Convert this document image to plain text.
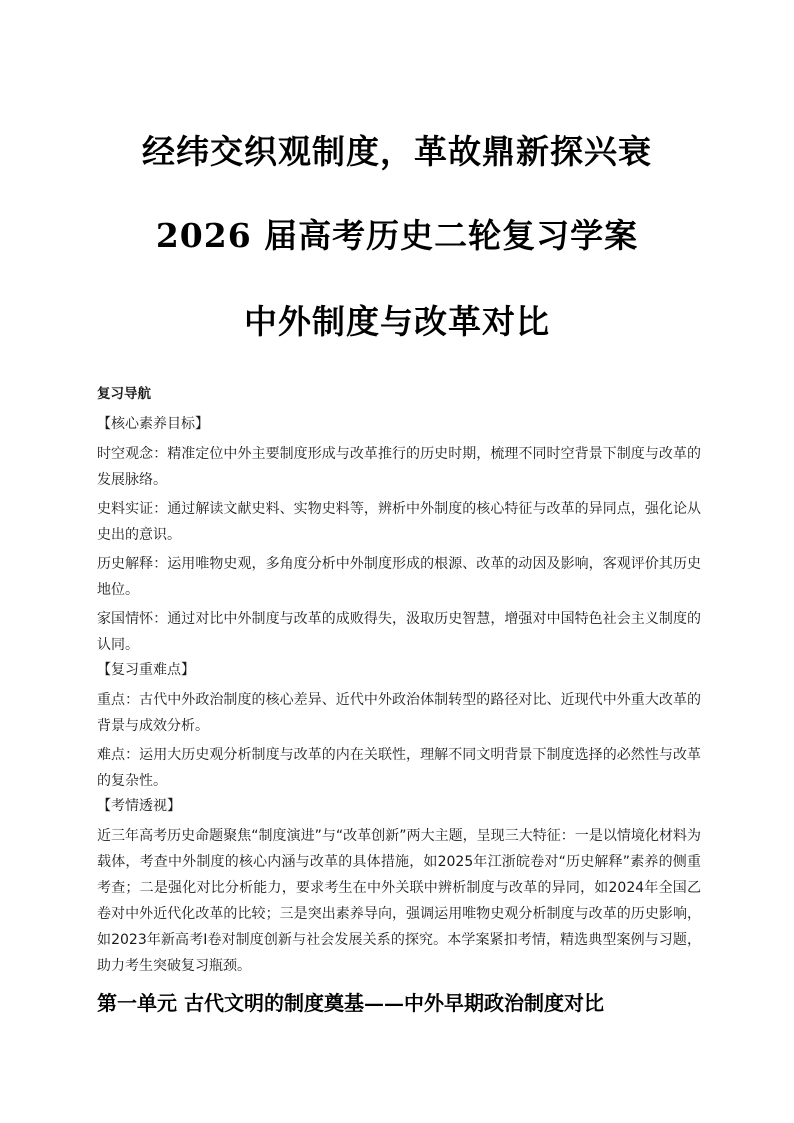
经纬交织观制度，革故鼎新探兴衰
2026 届高考历史二轮复习学案
中外制度与改革对比
复习导航
【核心素养目标】

时空观念：精准定位中外主要制度形成与改革推行的历史时期，梳理不同时空背景下制度与改革的发展脉络。

史料实证：通过解读文献史料、实物史料等，辨析中外制度的核心特征与改革的异同点，强化论从史出的意识。

历史解释：运用唯物史观，多角度分析中外制度形成的根源、改革的动因及影响，客观评价其历史地位。

家国情怀：通过对比中外制度与改革的成败得失，汲取历史智慧，增强对中国特色社会主义制度的认同。

【复习重难点】

重点：古代中外政治制度的核心差异、近代中外政治体制转型的路径对比、近现代中外重大改革的背景与成效分析。

难点：运用大历史观分析制度与改革的内在关联性，理解不同文明背景下制度选择的必然性与改革的复杂性。

【考情透视】

近三年高考历史命题聚焦“制度演进”与“改革创新”两大主题，呈现三大特征：一是以情境化材料为载体，考查中外制度的核心内涵与改革的具体措施，如2025年江浙皖卷对“历史解释”素养的侧重考查；二是强化对比分析能力，要求考生在中外关联中辨析制度与改革的异同，如2024年全国乙卷对中外近代化改革的比较；三是突出素养导向，强调运用唯物史观分析制度与改革的历史影响，如2023年新高考Ⅰ卷对制度创新与社会发展关系的探究。本学案紧扣考情，精选典型案例与习题，助力考生突破复习瓶颈。

第一单元 古代文明的制度奠基——中外早期政治制度对比
